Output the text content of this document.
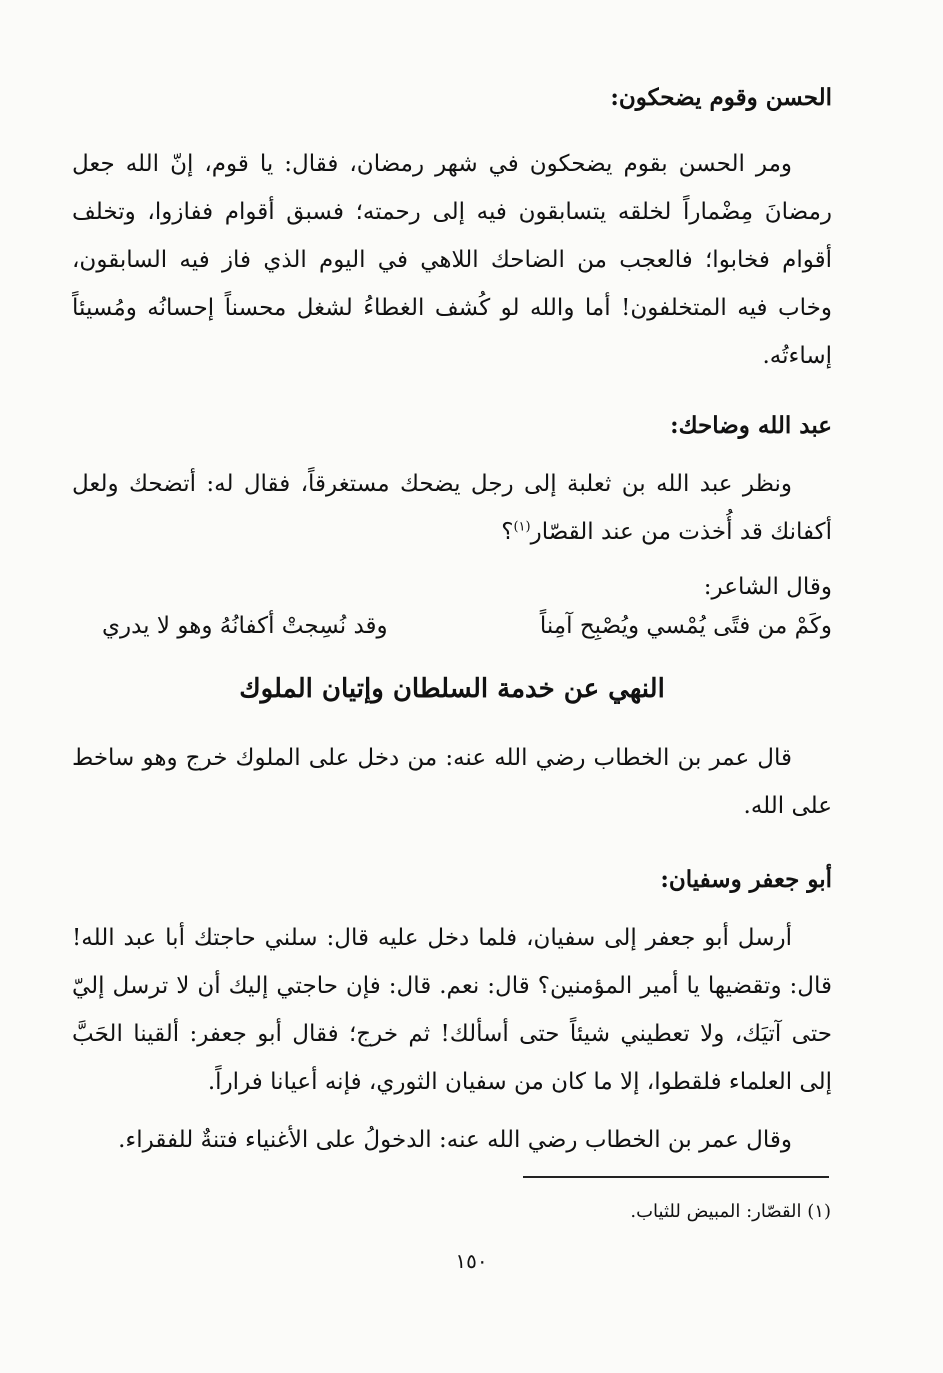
الحسن وقوم يضحكون:

ومر الحسن بقوم يضحكون في شهر رمضان، فقال: يا قوم، إنّ الله جعل رمضانَ مِضْماراً لخلقه يتسابقون فيه إلى رحمته؛ فسبق أقوام ففازوا، وتخلف أقوام فخابوا؛ فالعجب من الضاحك اللاهي في اليوم الذي فاز فيه السابقون، وخاب فيه المتخلفون! أما والله لو كُشف الغطاءُ لشغل محسناً إحسانُه ومُسيئاً إساءتُه.

عبد الله وضاحك:

ونظر عبد الله بن ثعلبة إلى رجل يضحك مستغرقاً، فقال له: أتضحك ولعل أكفانك قد أُخذت من عند القصّار$^{(١)}$؟

وقال الشاعر:
وكَمْ من فتًى يُمْسي ويُصْبِح آمِناً
وقد نُسِجتْ أكفانُهُ وهو لا يدري
النهي عن خدمة السلطان وإتيان الملوك

قال عمر بن الخطاب رضي الله عنه: من دخل على الملوك خرج وهو ساخط على الله.

أبو جعفر وسفيان:

أرسل أبو جعفر إلى سفيان، فلما دخل عليه قال: سلني حاجتك أبا عبد الله! قال: وتقضيها يا أمير المؤمنين؟ قال: نعم. قال: فإن حاجتي إليك أن لا ترسل إليّ حتى آتيَك، ولا تعطيني شيئاً حتى أسألك! ثم خرج؛ فقال أبو جعفر: ألقينا الحَبَّ إلى العلماء فلقطوا، إلا ما كان من سفيان الثوري، فإنه أعيانا فراراً.

وقال عمر بن الخطاب رضي الله عنه: الدخولُ على الأغنياء فتنةٌ للفقراء.

(١) القصّار: المبيض للثياب.
١٥٠
